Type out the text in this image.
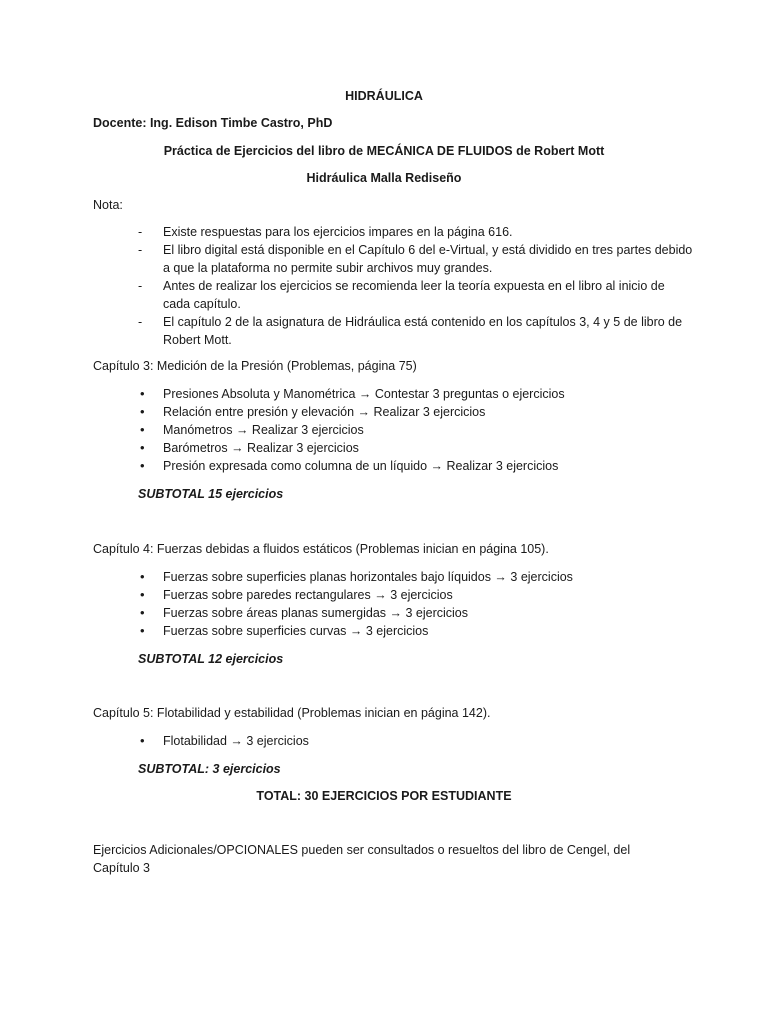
HIDRÁULICA
Docente: Ing. Edison Timbe Castro, PhD
Práctica de Ejercicios del libro de MECÁNICA DE FLUIDOS de Robert Mott
Hidráulica Malla Rediseño
Nota:
- Existe respuestas para los ejercicios impares en la página 616.
- El libro digital está disponible en el Capítulo 6 del e-Virtual, y está dividido en tres partes debido a que la plataforma no permite subir archivos muy grandes.
- Antes de realizar los ejercicios se recomienda leer la teoría expuesta en el libro al inicio de cada capítulo.
- El capítulo 2 de la asignatura de Hidráulica está contenido en los capítulos 3, 4 y 5 de libro de Robert Mott.
Capítulo 3: Medición de la Presión (Problemas, página 75)
• Presiones Absoluta y Manométrica → Contestar 3 preguntas o ejercicios
• Relación entre presión y elevación → Realizar 3 ejercicios
• Manómetros → Realizar 3 ejercicios
• Barómetros → Realizar 3 ejercicios
• Presión expresada como columna de un líquido → Realizar 3 ejercicios
SUBTOTAL 15 ejercicios
Capítulo 4: Fuerzas debidas a fluidos estáticos (Problemas inician en página 105).
• Fuerzas sobre superficies planas horizontales bajo líquidos → 3 ejercicios
• Fuerzas sobre paredes rectangulares → 3 ejercicios
• Fuerzas sobre áreas planas sumergidas → 3 ejercicios
• Fuerzas sobre superficies curvas → 3 ejercicios
SUBTOTAL 12 ejercicios
Capítulo 5: Flotabilidad y estabilidad (Problemas inician en página 142).
• Flotabilidad → 3 ejercicios
SUBTOTAL: 3 ejercicios
TOTAL: 30 EJERCICIOS POR ESTUDIANTE
Ejercicios Adicionales/OPCIONALES pueden ser consultados o resueltos del libro de Cengel, del
Capítulo 3
